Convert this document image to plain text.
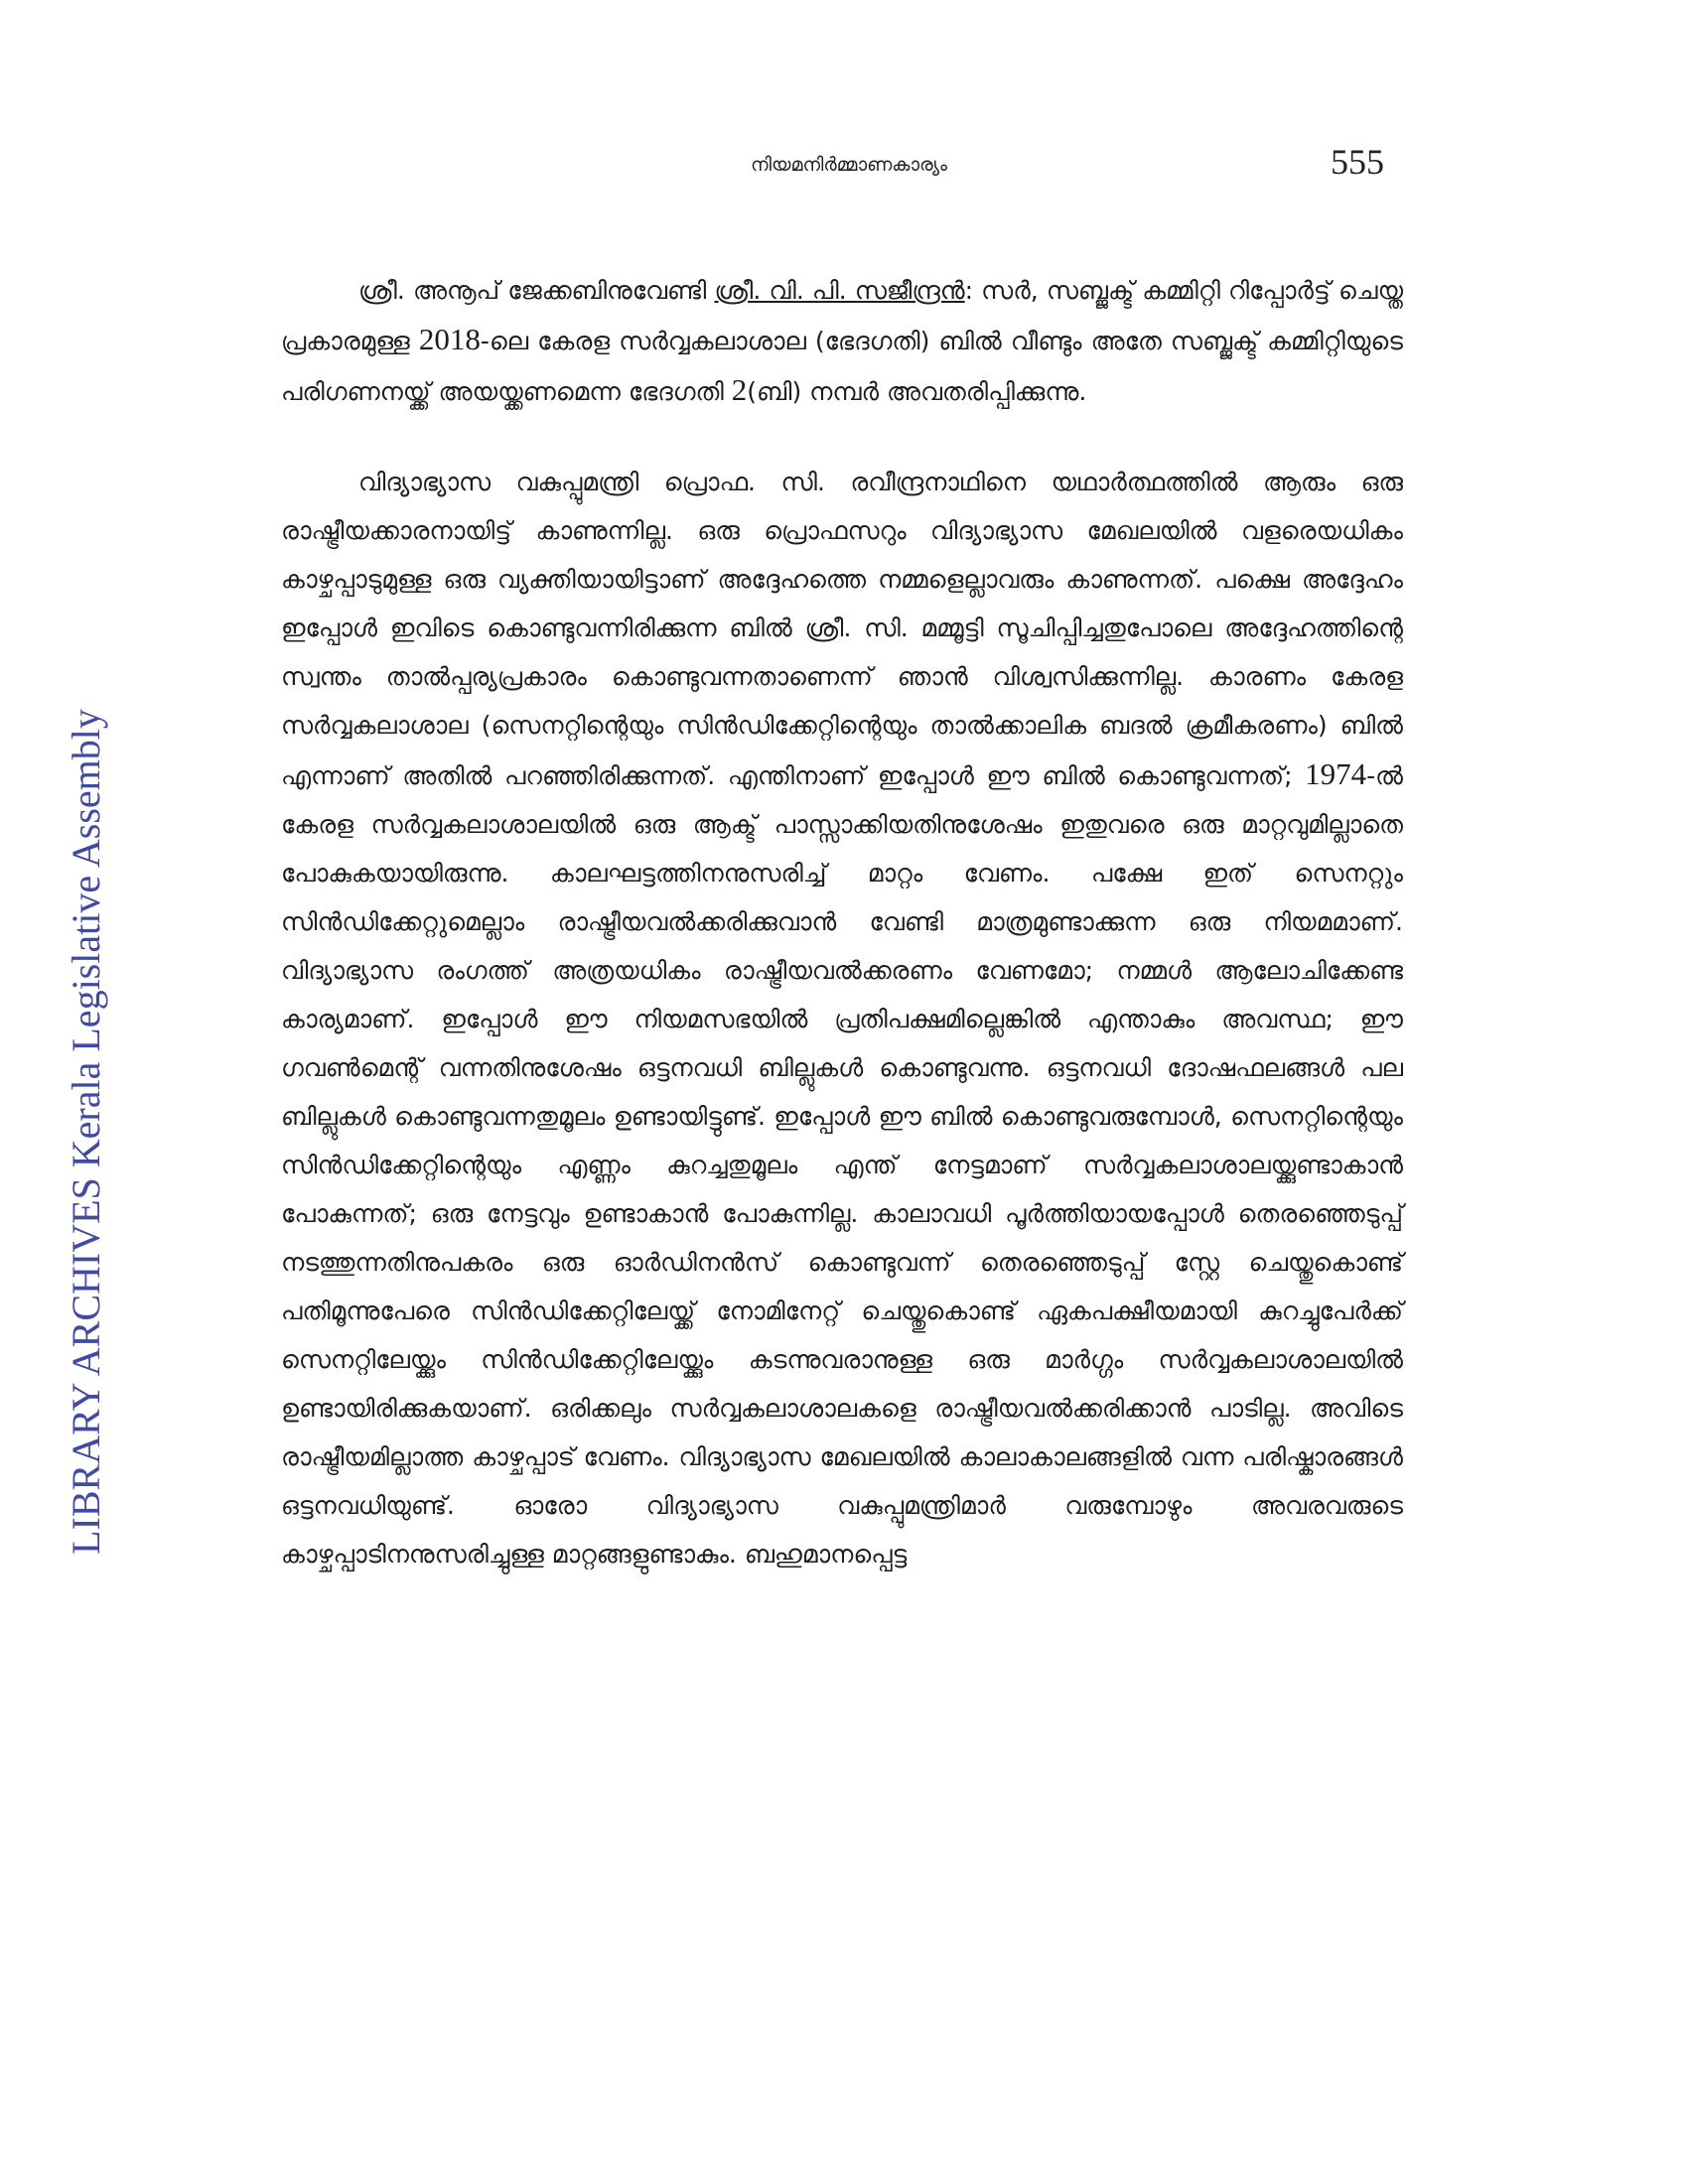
നിയമനിർമ്മാണകാര്യം	555
LIBRARY ARCHIVES Kerala Legislative Assembly

ശ്രീ. അനൂപ് ജേക്കബിനുവേണ്ടി ശ്രീ. വി. പി. സജീന്ദ്രൻ: സർ, സബ്ജക്ട് കമ്മിറ്റി റിപ്പോർട്ട് ചെയ്ത പ്രകാരമുള്ള 2018-ലെ കേരള സർവ്വകലാശാല (ഭേദഗതി) ബിൽ വീണ്ടും അതേ സബ്ജക്ട് കമ്മിറ്റിയുടെ പരിഗണനയ്ക്ക് അയയ്ക്കണമെന്ന ഭേദഗതി 2(ബി) നമ്പർ അവതരിപ്പിക്കുന്നു.

വിദ്യാഭ്യാസ വകുപ്പുമന്ത്രി പ്രൊഫ. സി. രവീന്ദ്രനാഥിനെ യഥാർത്ഥത്തിൽ ആരും ഒരു രാഷ്ട്രീയക്കാരനായിട്ട് കാണുന്നില്ല. ഒരു പ്രൊഫസറും വിദ്യാഭ്യാസ മേഖലയിൽ വളരെയധികം കാഴ്ചപ്പാടുമുള്ള ഒരു വ്യക്തിയായിട്ടാണ് അദ്ദേഹത്തെ നമ്മളെല്ലാവരും കാണുന്നത്. പക്ഷെ അദ്ദേഹം ഇപ്പോൾ ഇവിടെ കൊണ്ടുവന്നിരിക്കുന്ന ബിൽ ശ്രീ. സി. മമ്മൂട്ടി സൂചിപ്പിച്ചതുപോലെ അദ്ദേഹത്തിന്റെ സ്വന്തം താൽപ്പര്യപ്രകാരം കൊണ്ടുവന്നതാണെന്ന് ഞാൻ വിശ്വസിക്കുന്നില്ല. കാരണം കേരള സർവ്വകലാശാല (സെനറ്റിന്റെയും സിൻഡിക്കേറ്റിന്റെയും താൽക്കാലിക ബദൽ ക്രമീകരണം) ബിൽ എന്നാണ് അതിൽ പറഞ്ഞിരിക്കുന്നത്. എന്തിനാണ് ഇപ്പോൾ ഈ ബിൽ കൊണ്ടുവന്നത്; 1974-ൽ കേരള സർവ്വകലാശാലയിൽ ഒരു ആക്ട് പാസ്സാക്കിയതിനുശേഷം ഇതുവരെ ഒരു മാറ്റവുമില്ലാതെ പോകുകയായിരുന്നു. കാലഘട്ടത്തിനനുസരിച്ച് മാറ്റം വേണം. പക്ഷേ ഇത് സെനറ്റും സിൻഡിക്കേറ്റുമെല്ലാം രാഷ്ട്രീയവൽക്കരിക്കുവാൻ വേണ്ടി മാത്രമുണ്ടാക്കുന്ന ഒരു നിയമമാണ്. വിദ്യാഭ്യാസ രംഗത്ത് അത്രയധികം രാഷ്ട്രീയവൽക്കരണം വേണമോ; നമ്മൾ ആലോചിക്കേണ്ട കാര്യമാണ്. ഇപ്പോൾ ഈ നിയമസഭയിൽ പ്രതിപക്ഷമില്ലെങ്കിൽ എന്താകും അവസ്ഥ; ഈ ഗവൺമെന്റ് വന്നതിനുശേഷം ഒട്ടനവധി ബില്ലുകൾ കൊണ്ടുവന്നു. ഒട്ടനവധി ദോഷഫലങ്ങൾ പല ബില്ലുകൾ കൊണ്ടുവന്നതുമൂലം ഉണ്ടായിട്ടുണ്ട്. ഇപ്പോൾ ഈ ബിൽ കൊണ്ടുവരുമ്പോൾ, സെനറ്റിന്റെയും സിൻഡിക്കേറ്റിന്റെയും എണ്ണം കുറച്ചതുമൂലം എന്ത് നേട്ടമാണ് സർവ്വകലാശാലയ്ക്കുണ്ടാകാൻ പോകുന്നത്; ഒരു നേട്ടവും ഉണ്ടാകാൻ പോകുന്നില്ല. കാലാവധി പൂർത്തിയായപ്പോൾ തെരഞ്ഞെടുപ്പ് നടത്തുന്നതിനുപകരം ഒരു ഓർഡിനൻസ് കൊണ്ടുവന്ന് തെരഞ്ഞെടുപ്പ് സ്റ്റേ ചെയ്തുകൊണ്ട് പതിമൂന്നുപേരെ സിൻഡിക്കേറ്റിലേയ്ക്ക് നോമിനേറ്റ് ചെയ്തുകൊണ്ട് ഏകപക്ഷീയമായി കുറച്ചുപേർക്ക് സെനറ്റിലേയ്ക്കും സിൻഡിക്കേറ്റിലേയ്ക്കും കടന്നുവരാനുള്ള ഒരു മാർഗ്ഗം സർവ്വകലാശാലയിൽ ഉണ്ടായിരിക്കുകയാണ്. ഒരിക്കലും സർവ്വകലാശാലകളെ രാഷ്ട്രീയവൽക്കരിക്കാൻ പാടില്ല. അവിടെ രാഷ്ട്രീയമില്ലാത്ത കാഴ്ചപ്പാട് വേണം. വിദ്യാഭ്യാസ മേഖലയിൽ കാലാകാലങ്ങളിൽ വന്ന പരിഷ്കാരങ്ങൾ ഒട്ടനവധിയുണ്ട്. ഓരോ വിദ്യാഭ്യാസ വകുപ്പുമന്ത്രിമാർ വരുമ്പോഴും അവരവരുടെ കാഴ്ചപ്പാടിനനുസരിച്ചുള്ള മാറ്റങ്ങളുണ്ടാകും. ബഹുമാനപ്പെട്ട
